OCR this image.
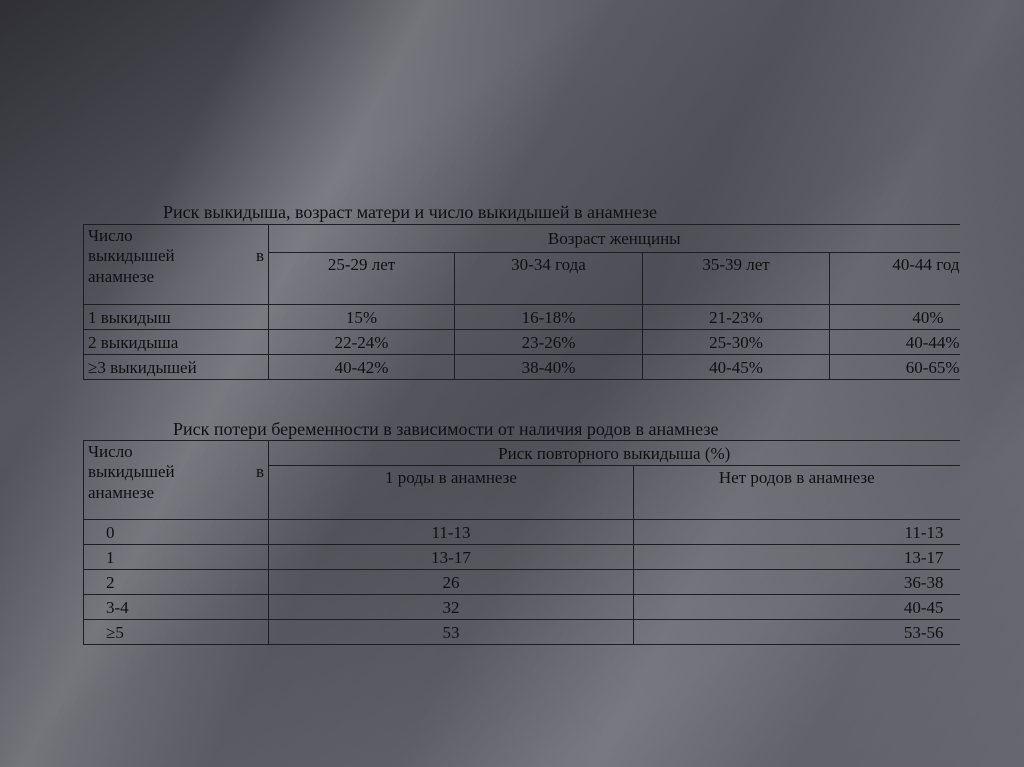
Риск выкидыша, возраст матери и число выкидышей в анамнезе
Число
выкидышей в
анамнезе	Возраст женщины			
	25-29 лет	30-34 года	35-39 лет	40-44 год
1 выкидыш	15%	16-18%	21-23%	40%
2 выкидыша	22-24%	23-26%	25-30%	40-44%
≥3 выкидышей	40-42%	38-40%	40-45%	60-65%
Риск потери беременности в зависимости от наличия родов в анамнезе
Число
выкидышей в
анамнезе	Риск повторного выкидыша (%)	
	1 роды в анамнезе	Нет родов в анамнезе
0	11-13	11-13
1	13-17	13-17
2	26	36-38
3-4	32	40-45
≥5	53	53-56
